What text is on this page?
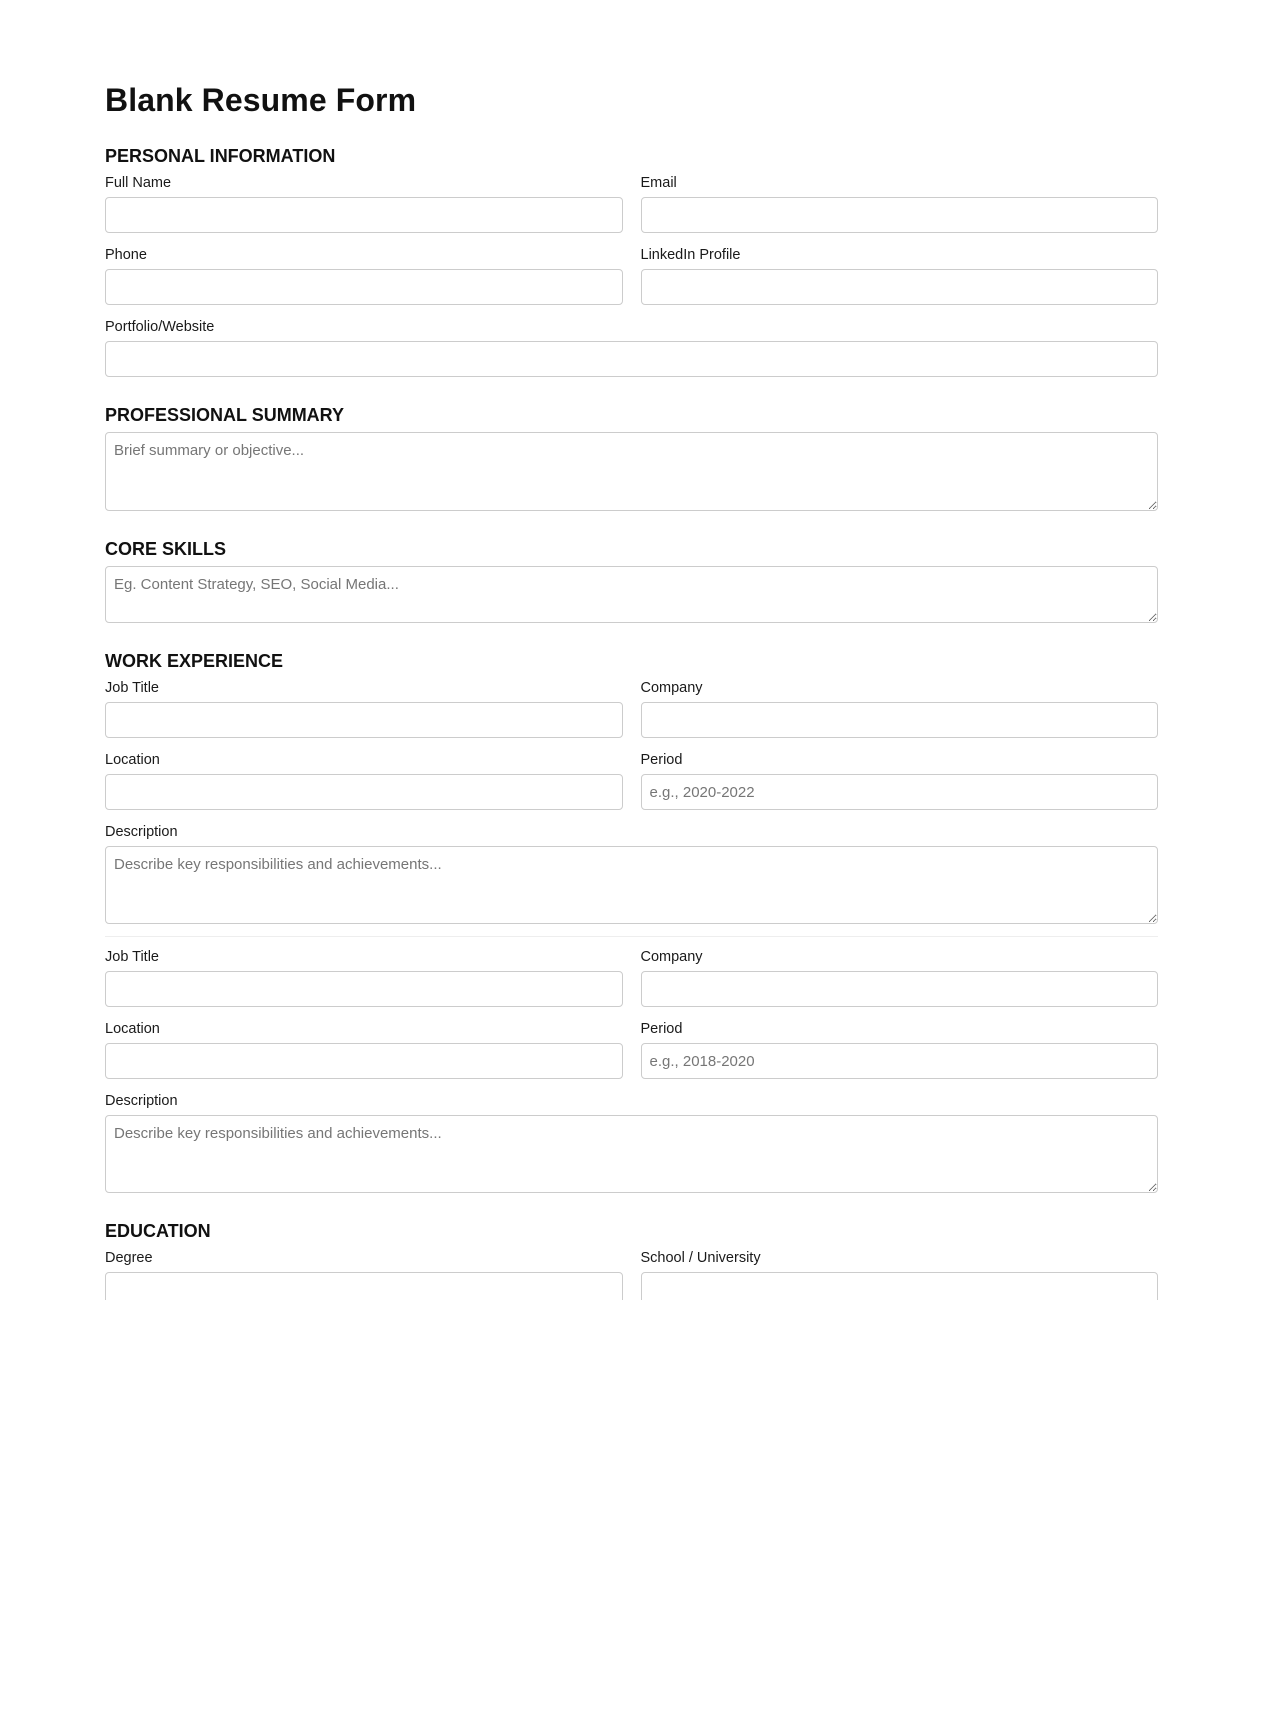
Blank Resume Form
PERSONAL INFORMATION
Full Name	Email
Phone	LinkedIn Profile
Portfolio/Website
PROFESSIONAL SUMMARY
Brief summary or objective...
CORE SKILLS
Eg. Content Strategy, SEO, Social Media...
WORK EXPERIENCE
Job Title	Company
Location	Period
e.g., 2020-2022
Description
Describe key responsibilities and achievements...
Job Title	Company
Location	Period
e.g., 2018-2020
Description
Describe key responsibilities and achievements...
EDUCATION
Degree	School / University
